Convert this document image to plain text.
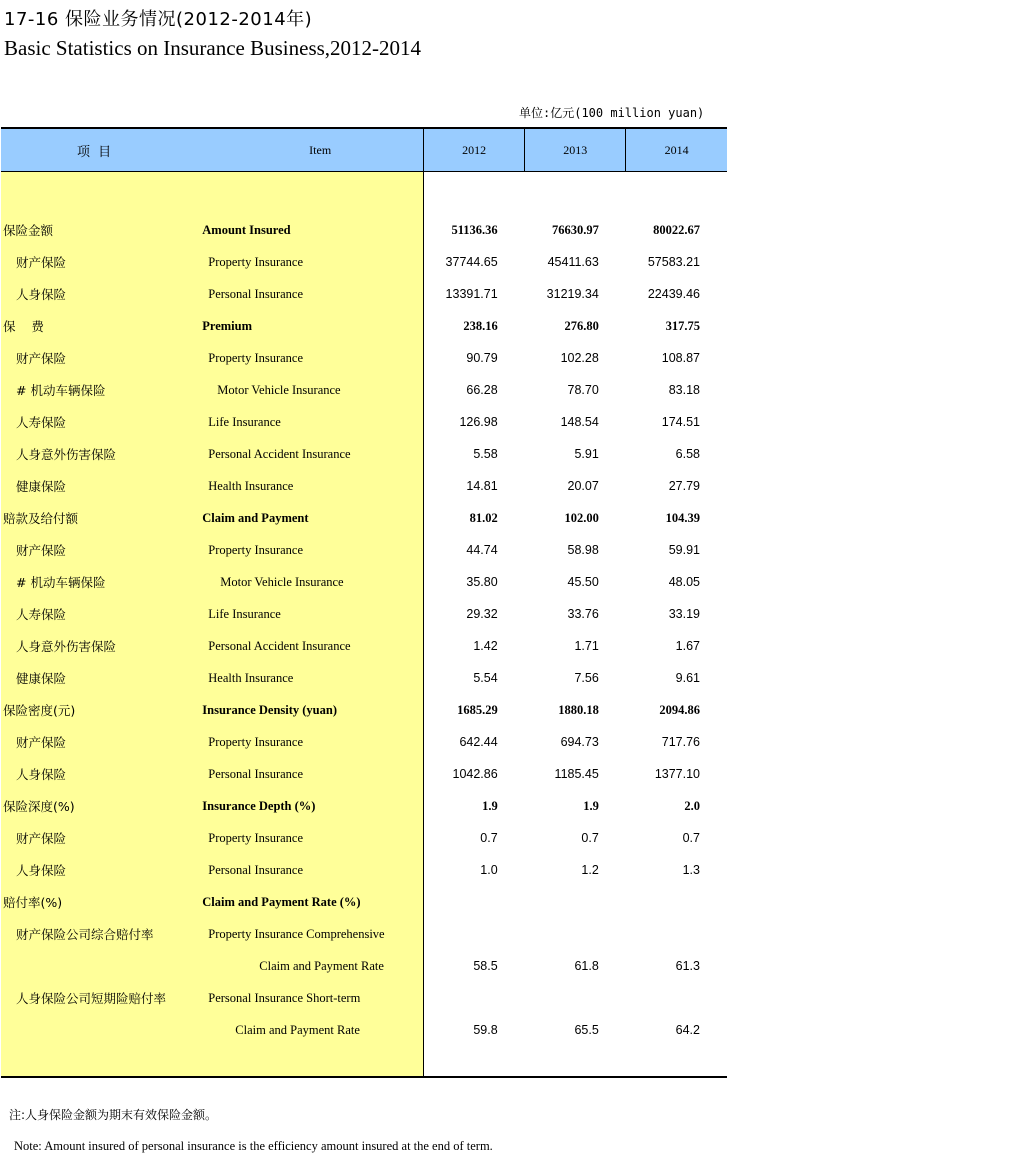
17-16 保险业务情况(2012-2014年)
Basic Statistics on Insurance Business,2012-2014
单位:亿元(100 million yuan)
项 目	Item	2012	2013	2014

保险金额	Amount Insured	51136.36	76630.97	80022.67
财产保险	Property Insurance	37744.65	45411.63	57583.21
人身保险	Personal Insurance	13391.71	31219.34	22439.46
保    费	Premium	238.16	276.80	317.75
财产保险	Property Insurance	90.79	102.28	108.87
# 机动车辆保险	Motor Vehicle Insurance	66.28	78.70	83.18
人寿保险	Life Insurance	126.98	148.54	174.51
人身意外伤害保险	Personal Accident Insurance	5.58	5.91	6.58
健康保险	Health Insurance	14.81	20.07	27.79
赔款及给付额	Claim and Payment	81.02	102.00	104.39
财产保险	Property Insurance	44.74	58.98	59.91
# 机动车辆保险	Motor Vehicle Insurance	35.80	45.50	48.05
人寿保险	Life Insurance	29.32	33.76	33.19
人身意外伤害保险	Personal Accident Insurance	1.42	1.71	1.67
健康保险	Health Insurance	5.54	7.56	9.61
保险密度(元)	Insurance Density (yuan)	1685.29	1880.18	2094.86
财产保险	Property Insurance	642.44	694.73	717.76
人身保险	Personal Insurance	1042.86	1185.45	1377.10
保险深度(%)	Insurance Depth (%)	1.9	1.9	2.0
财产保险	Property Insurance	0.7	0.7	0.7
人身保险	Personal Insurance	1.0	1.2	1.3
赔付率(%)	Claim and Payment Rate (%)			
财产保险公司综合赔付率	Property Insurance Comprehensive			
	Claim and Payment Rate	58.5	61.8	61.3
人身保险公司短期险赔付率	Personal Insurance Short-term			
	Claim and Payment Rate	59.8	65.5	64.2

注:人身保险金额为期末有效保险金额。
Note: Amount insured of personal insurance is the efficiency amount insured at the end of term.
